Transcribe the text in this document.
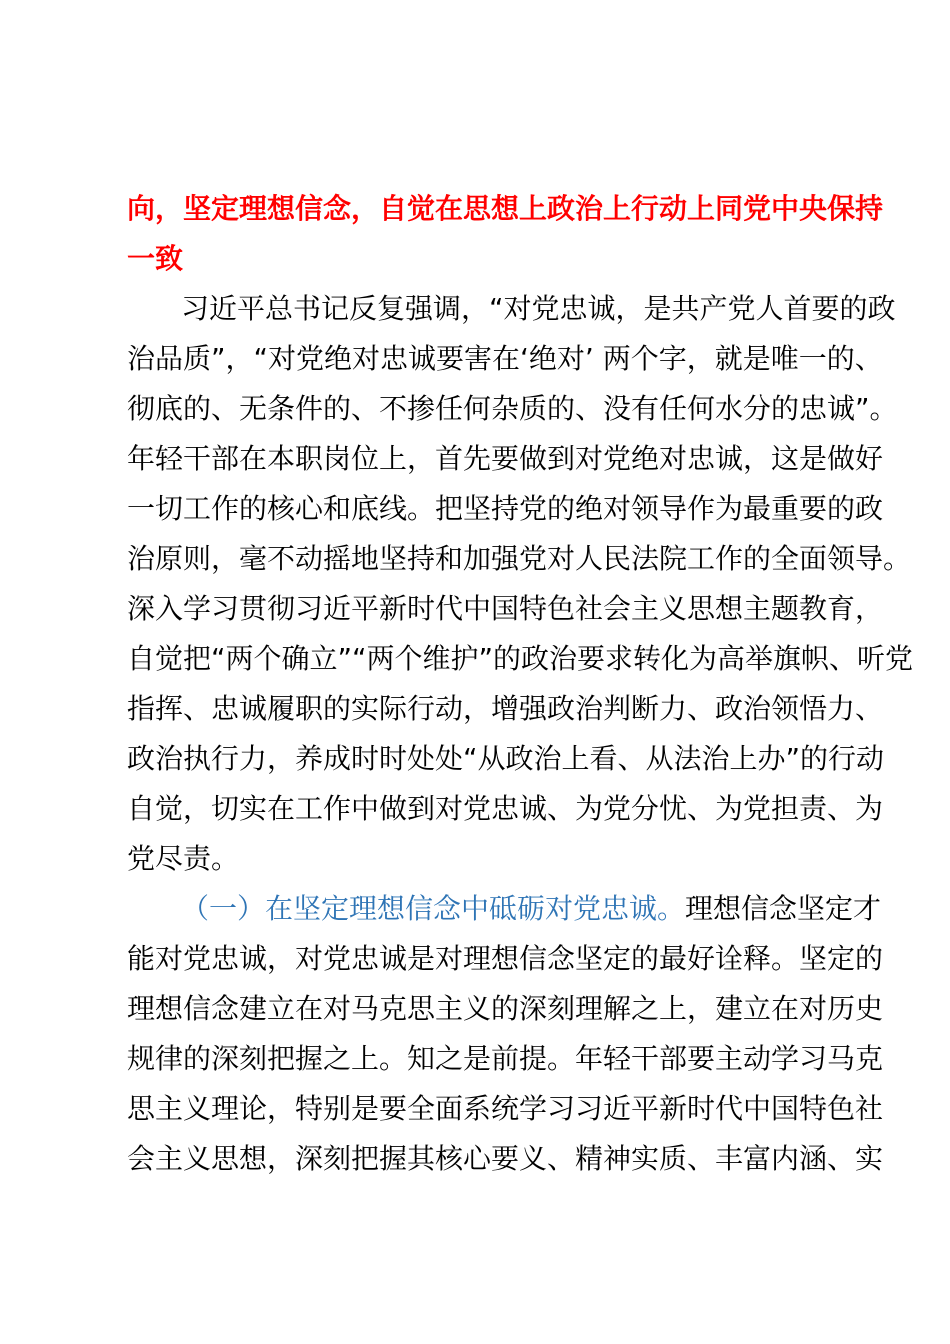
向，坚定理想信念，自觉在思想上政治上行动上同党中央保持
一致
习近平总书记反复强调，“对党忠诚，是共产党人首要的政
治品质”，“对党绝对忠诚要害在‘绝对’ 两个字，就是唯一的、
彻底的、无条件的、不掺任何杂质的、没有任何水分的忠诚”。
年轻干部在本职岗位上，首先要做到对党绝对忠诚，这是做好
一切工作的核心和底线。把坚持党的绝对领导作为最重要的政
治原则，毫不动摇地坚持和加强党对人民法院工作的全面领导。
深入学习贯彻习近平新时代中国特色社会主义思想主题教育，
自觉把“两个确立”“两个维护”的政治要求转化为高举旗帜、听党
指挥、忠诚履职的实际行动，增强政治判断力、政治领悟力、
政治执行力，养成时时处处“从政治上看、从法治上办”的行动
自觉，切实在工作中做到对党忠诚、为党分忧、为党担责、为
党尽责。
（一）在坚定理想信念中砥砺对党忠诚。理想信念坚定才
能对党忠诚，对党忠诚是对理想信念坚定的最好诠释。坚定的
理想信念建立在对马克思主义的深刻理解之上，建立在对历史
规律的深刻把握之上。知之是前提。年轻干部要主动学习马克
思主义理论，特别是要全面系统学习习近平新时代中国特色社
会主义思想，深刻把握其核心要义、精神实质、丰富内涵、实
